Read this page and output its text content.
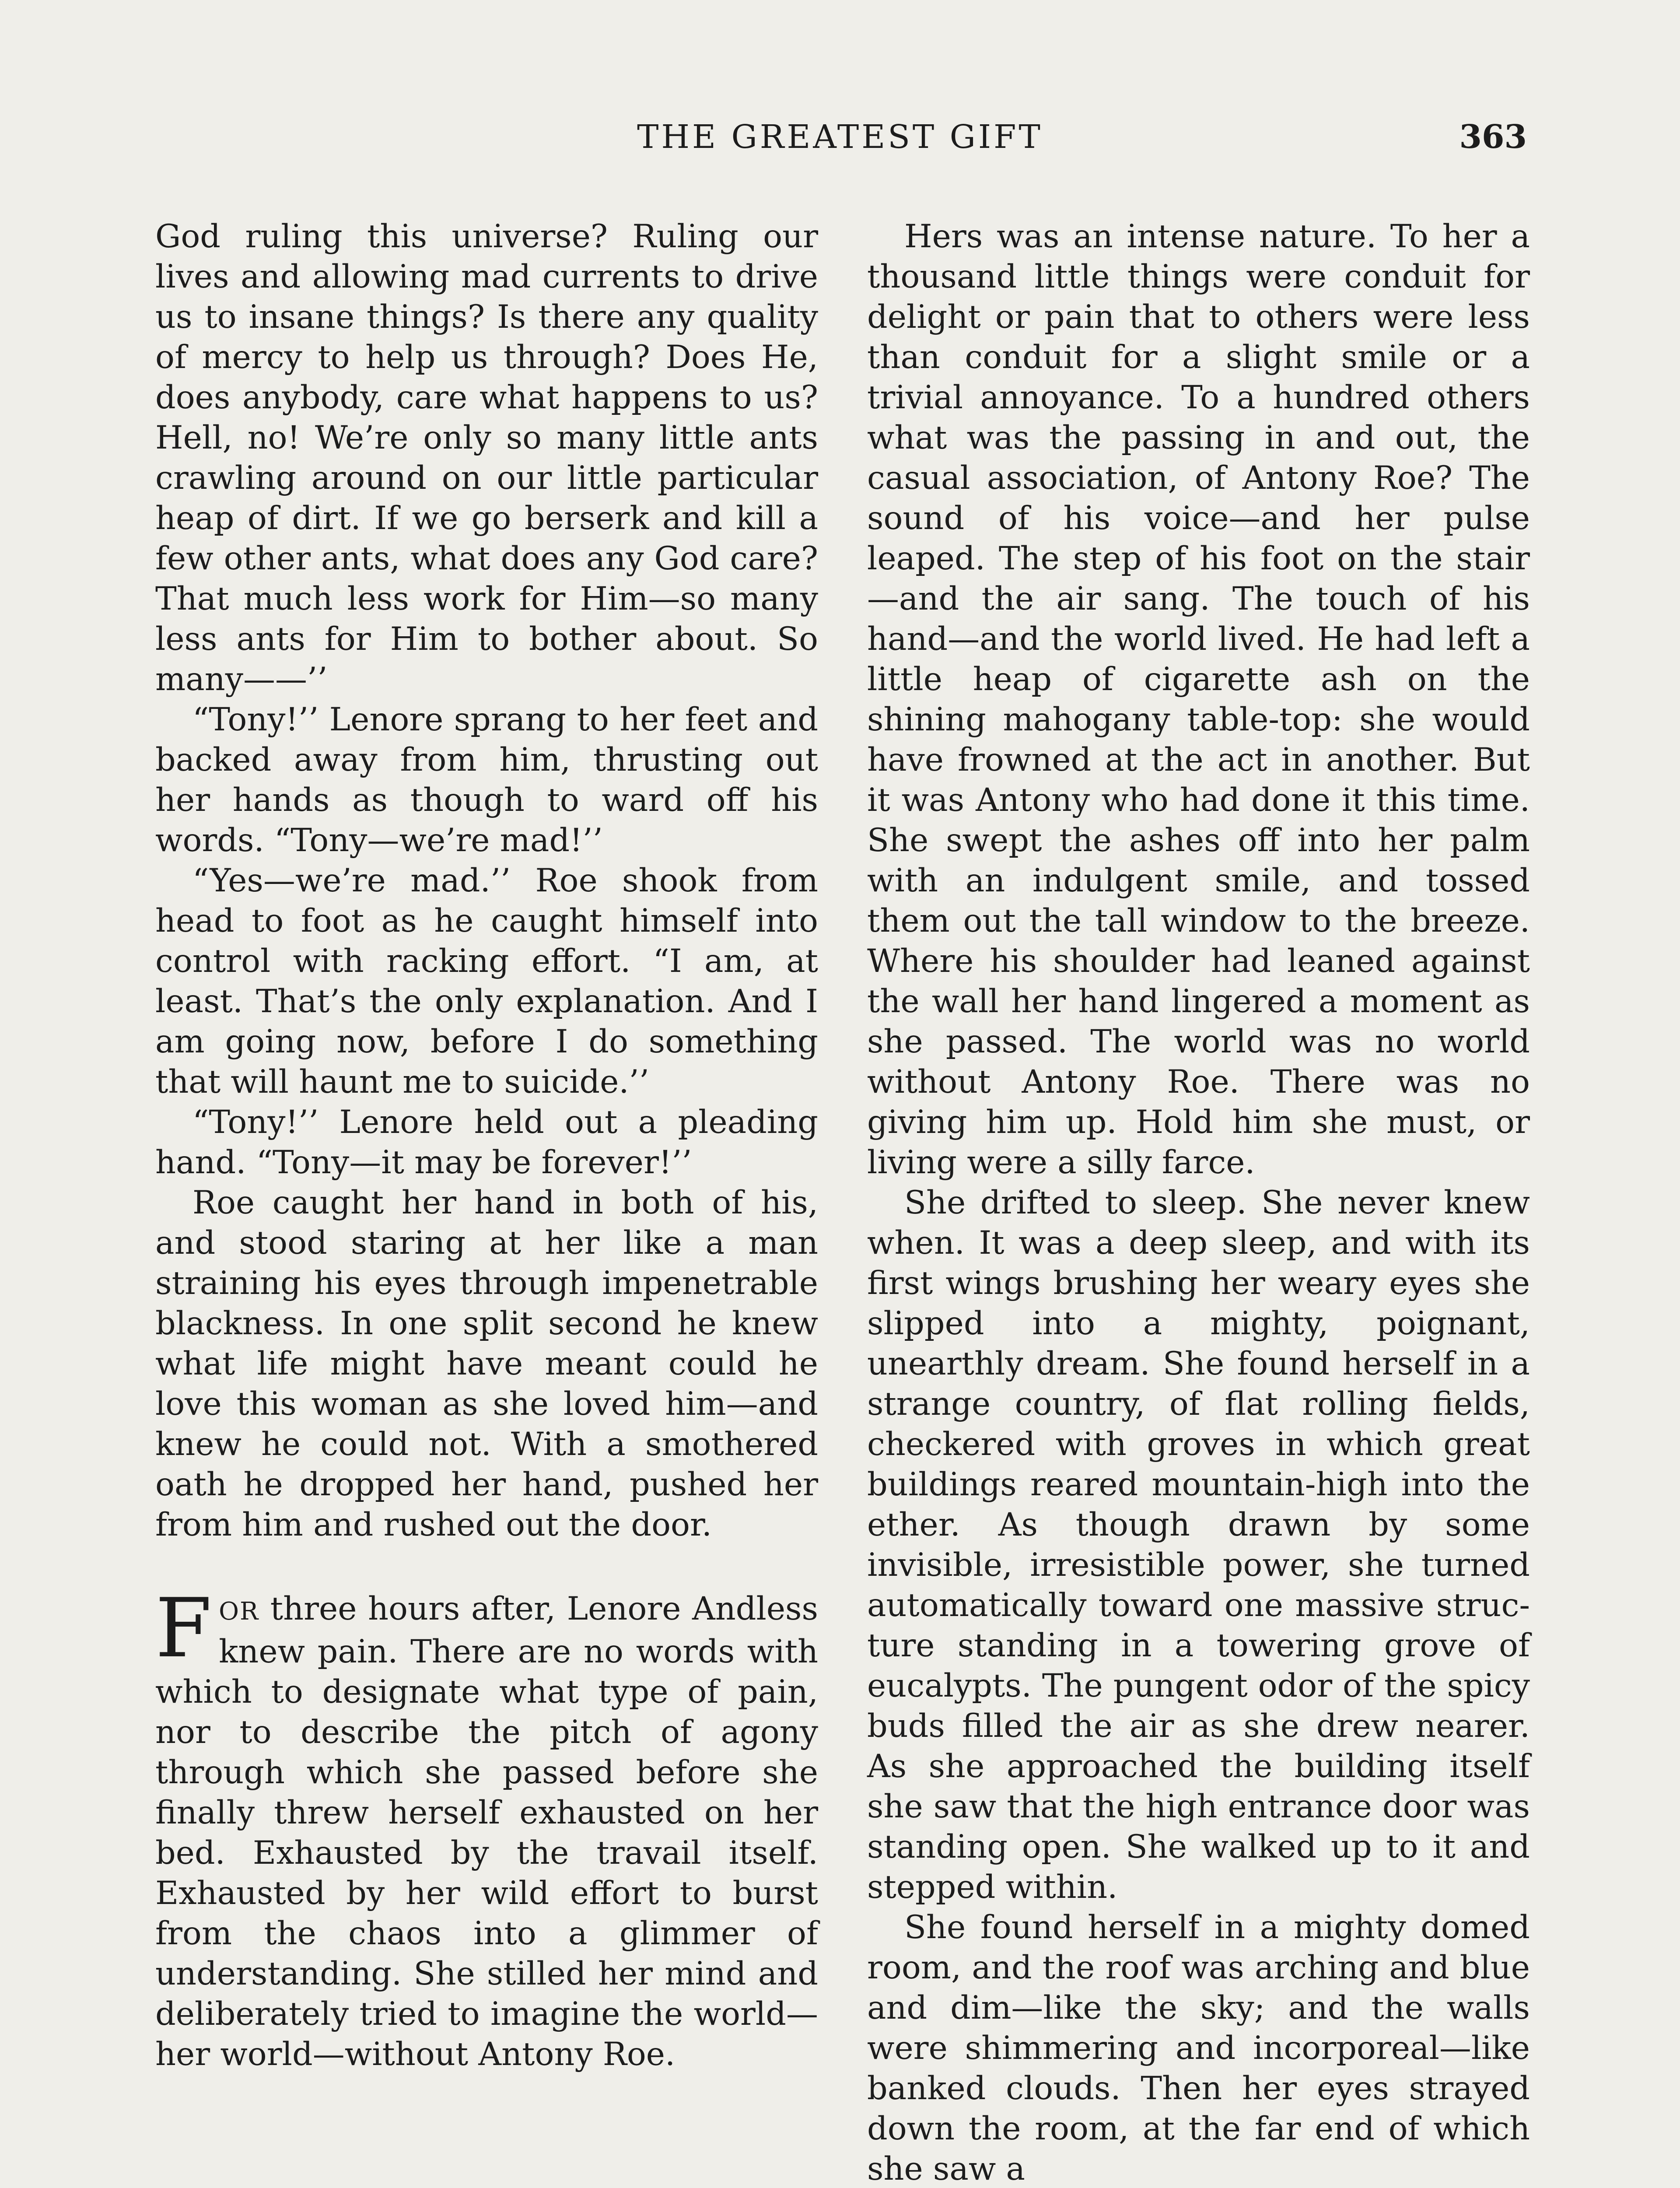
THE GREATEST GIFT	363

God ruling this universe? Ruling our lives and allowing mad currents to drive us to insane things? Is there any quality of mercy to help us through? Does He, does anybody, care what happens to us? Hell, no! We’re only so many little ants crawling around on our little particular heap of dirt. If we go berserk and kill a few other ants, what does any God care? That much less work for Him—so many less ants for Him to bother about. So many——’’

“Tony!’’ Lenore sprang to her feet and backed away from him, thrusting out her hands as though to ward off his words. “Tony—we’re mad!’’

“Yes—we’re mad.’’ Roe shook from head to foot as he caught himself into control with racking effort. “I am, at least. That’s the only explanation. And I am going now, before I do something that will haunt me to suicide.’’

“Tony!’’ Lenore held out a pleading hand. “Tony—it may be forever!’’

Roe caught her hand in both of his, and stood staring at her like a man straining his eyes through impenetrable blackness. In one split second he knew what life might have meant could he love this woman as she loved him—and knew he could not. With a smothered oath he dropped her hand, pushed her from him and rushed out the door.

FOR three hours after, Lenore Andless knew pain. There are no words with which to designate what type of pain, nor to describe the pitch of agony through which she passed before she finally threw herself exhausted on her bed. Exhausted by the travail itself. Exhausted by her wild effort to burst from the chaos into a glimmer of understanding. She stilled her mind and deliberately tried to imagine the world—her world—without Antony Roe.

Hers was an intense nature. To her a thousand little things were conduit for delight or pain that to others were less than conduit for a slight smile or a trivial annoyance. To a hundred others what was the passing in and out, the casual association, of Antony Roe? The sound of his voice—and her pulse leaped. The step of his foot on the stair—and the air sang. The touch of his hand—and the world lived. He had left a little heap of cigarette ash on the shining mahogany table-top: she would have frowned at the act in another. But it was Antony who had done it this time. She swept the ashes off into her palm with an indulgent smile, and tossed them out the tall window to the breeze. Where his shoulder had leaned against the wall her hand lingered a moment as she passed. The world was no world without Antony Roe. There was no giving him up. Hold him she must, or living were a silly farce.

She drifted to sleep. She never knew when. It was a deep sleep, and with its first wings brushing her weary eyes she slipped into a mighty, poignant, unearthly dream. She found herself in a strange country, of flat rolling fields, checkered with groves in which great buildings reared mountain-high into the ether. As though drawn by some invisible, irresistible power, she turned automatically toward one massive structure standing in a towering grove of eucalypts. The pungent odor of the spicy buds filled the air as she drew nearer. As she approached the building itself she saw that the high entrance door was standing open. She walked up to it and stepped within.

She found herself in a mighty domed room, and the roof was arching and blue and dim—like the sky; and the walls were shimmering and incorporeal—like banked clouds. Then her eyes strayed down the room, at the far end of which she saw a
